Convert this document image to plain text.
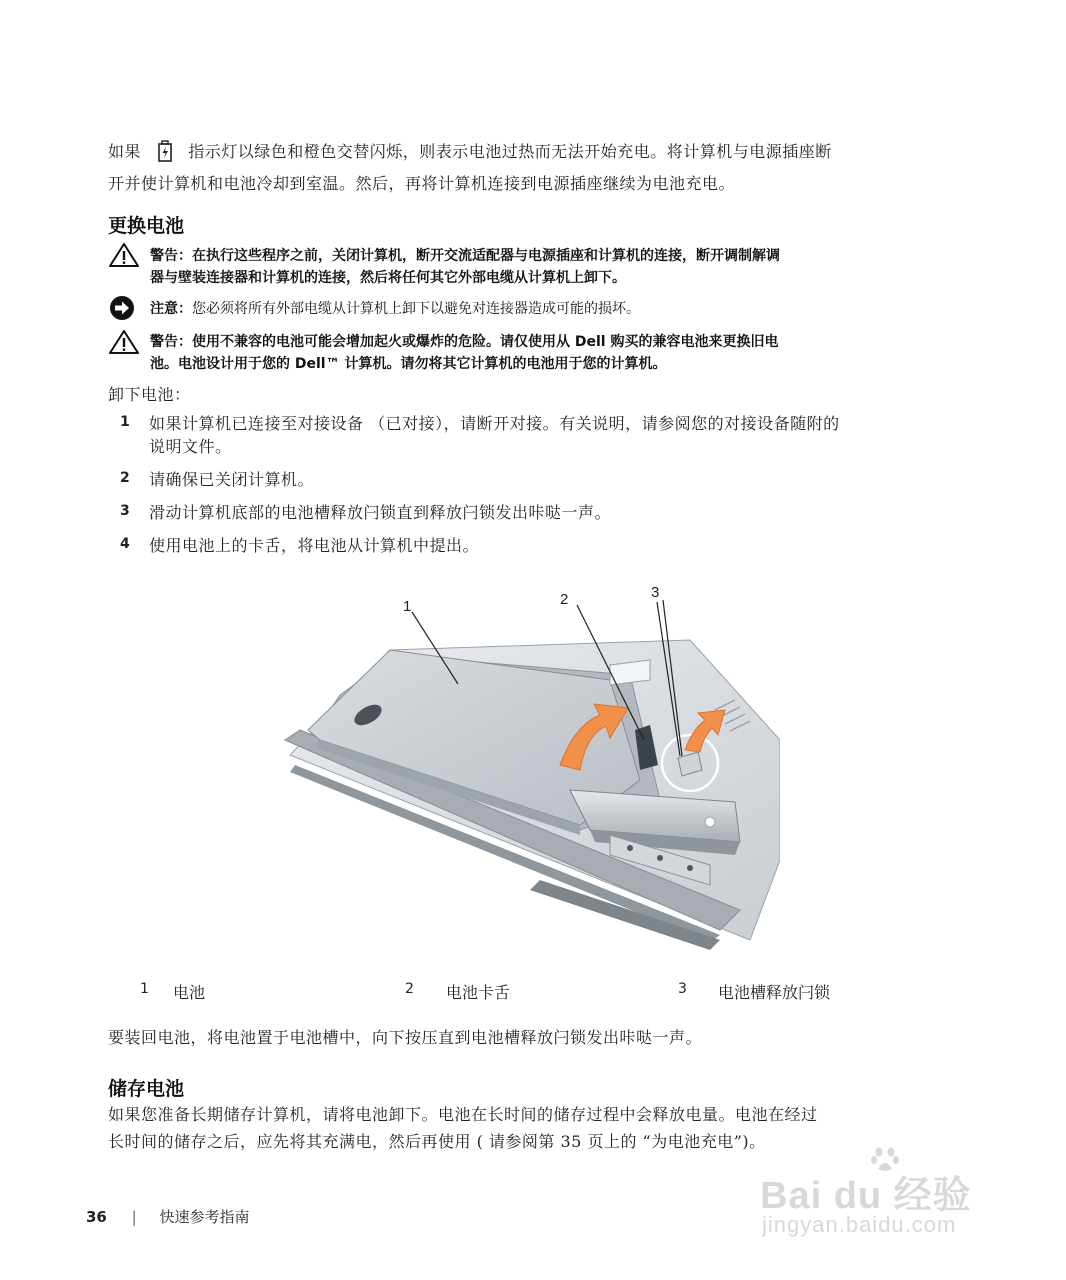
如果	指示灯以绿色和橙色交替闪烁，则表示电池过热而无法开始充电。将计算机与电源插座断
开并使计算机和电池冷却到室温。然后，再将计算机连接到电源插座继续为电池充电。
更换电池
警告：在执行这些程序之前，关闭计算机，断开交流适配器与电源插座和计算机的连接，断开调制解调
器与壁装连接器和计算机的连接，然后将任何其它外部电缆从计算机上卸下。
注意：您必须将所有外部电缆从计算机上卸下以避免对连接器造成可能的损坏。
警告：使用不兼容的电池可能会增加起火或爆炸的危险。请仅使用从 Dell 购买的兼容电池来更换旧电
池。电池设计用于您的 Dell™ 计算机。请勿将其它计算机的电池用于您的计算机。
卸下电池：
1 如果计算机已连接至对接设备 （已对接），请断开对接。有关说明，请参阅您的对接设备随附的
说明文件。
2 请确保已关闭计算机。
3 滑动计算机底部的电池槽释放闩锁直到释放闩锁发出咔哒一声。
4 使用电池上的卡舌，将电池从计算机中提出。
1	2	3
1 电池	2 电池卡舌	3 电池槽释放闩锁
要装回电池，将电池置于电池槽中，向下按压直到电池槽释放闩锁发出咔哒一声。
储存电池
如果您准备长期储存计算机，请将电池卸下。电池在长时间的储存过程中会释放电量。电池在经过
长时间的储存之后，应先将其充满电，然后再使用 ( 请参阅第 35 页上的 “为电池充电”)。
36 | 快速参考指南	Bai du 经验
jingyan.baidu.com
